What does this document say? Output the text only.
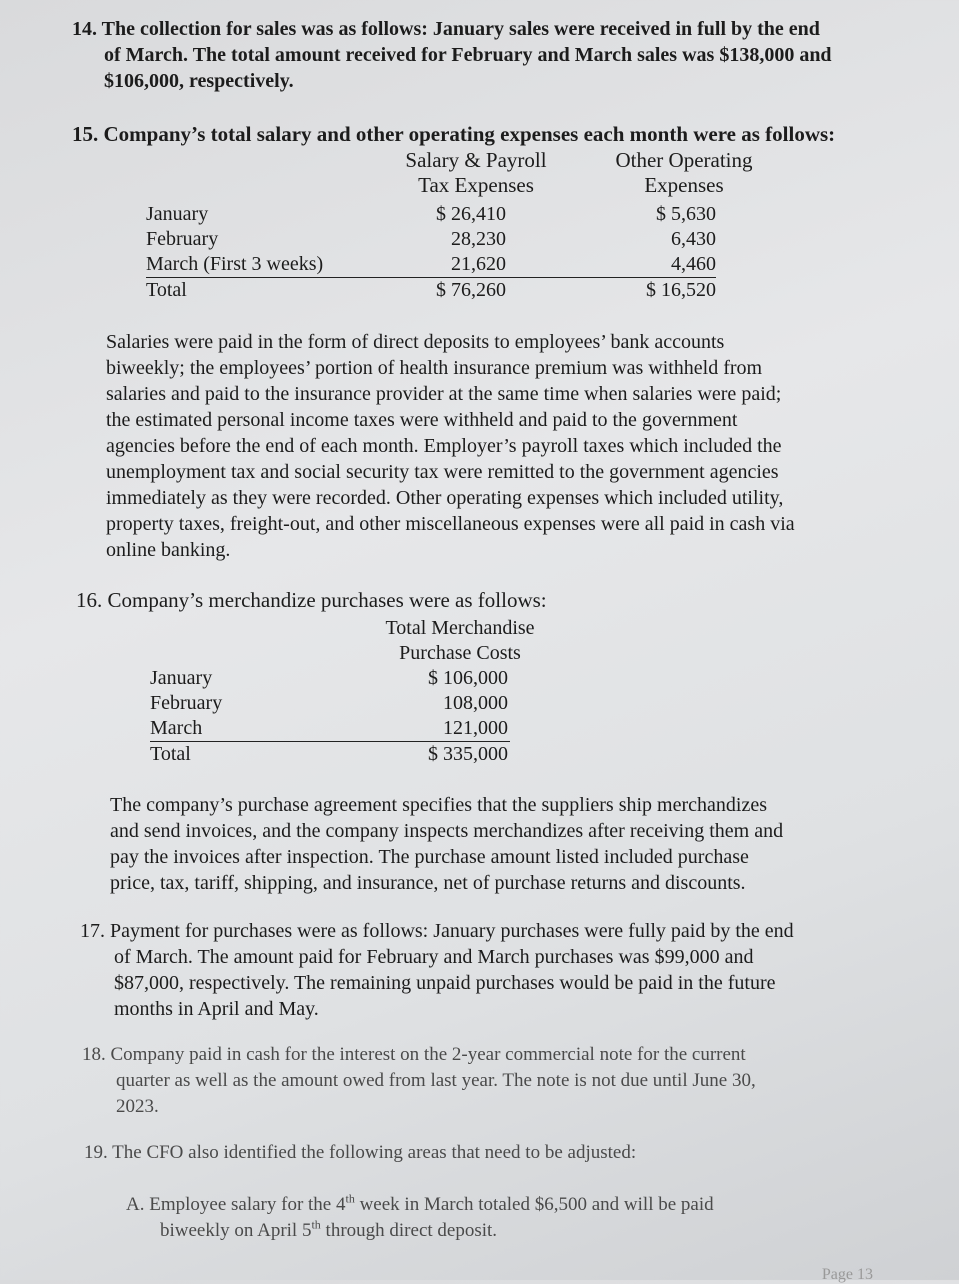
14. The collection for sales was as follows: January sales were received in full by the end
of March. The total amount received for February and March sales was $138,000 and
$106,000, respectively.
15. Company’s total salary and other operating expenses each month were as follows:
Salary & Payroll
Tax Expenses
Other Operating
Expenses
January	$ 26,410	$ 5,630
February	28,230	6,430
March (First 3 weeks)	21,620	4,460
Total	$ 76,260	$ 16,520
Salaries were paid in the form of direct deposits to employees’ bank accounts
biweekly; the employees’ portion of health insurance premium was withheld from
salaries and paid to the insurance provider at the same time when salaries were paid;
the estimated personal income taxes were withheld and paid to the government
agencies before the end of each month. Employer’s payroll taxes which included the
unemployment tax and social security tax were remitted to the government agencies
immediately as they were recorded. Other operating expenses which included utility,
property taxes, freight-out, and other miscellaneous expenses were all paid in cash via
online banking.
16. Company’s merchandize purchases were as follows:
Total Merchandise
Purchase Costs
January	$ 106,000
February	108,000
March	121,000
Total	$ 335,000
The company’s purchase agreement specifies that the suppliers ship merchandizes
and send invoices, and the company inspects merchandizes after receiving them and
pay the invoices after inspection. The purchase amount listed included purchase
price, tax, tariff, shipping, and insurance, net of purchase returns and discounts.
17. Payment for purchases were as follows: January purchases were fully paid by the end
of March. The amount paid for February and March purchases was $99,000 and
$87,000, respectively. The remaining unpaid purchases would be paid in the future
months in April and May.
18. Company paid in cash for the interest on the 2-year commercial note for the current
quarter as well as the amount owed from last year. The note is not due until June 30,
2023.
19. The CFO also identified the following areas that need to be adjusted:
A. Employee salary for the 4th week in March totaled $6,500 and will be paid
biweekly on April 5th through direct deposit.
Page 13
